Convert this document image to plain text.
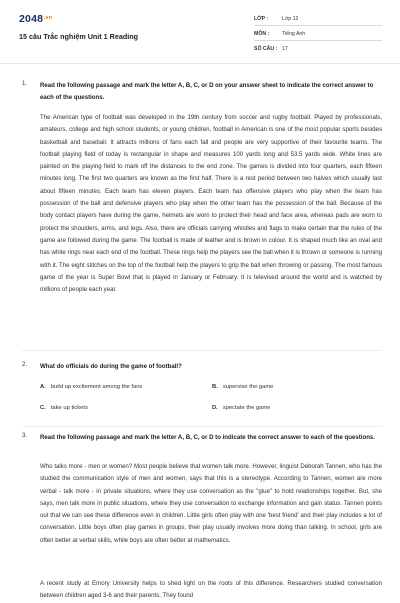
$2048^{.vn}$
15 câu Trắc nghiệm Unit 1 Reading
LỚP :	Lớp 12
MÔN : Tiếng Anh
SỐ CÂU : 17
1. Read the following passage and mark the letter A, B, C, or D on your answer sheet to indicate the correct answer to each of the questions.

The American type of football was developed in the 19th century from soccer and rugby football. Played by professionals, amateurs, college and high school students, or young children, football in American is one of the most popular sports besides basketball and baseball. It attracts millions of fans each fall and people are very supportive of their favourite teams. The football playing field of today is rectangular in shape and measures 100 yards long and 53.5 yards wide. White lines are painted on the playing field to mark off the distances to the end zone. The games is divided into four quarters, each fifteen minutes long. The first two quarters are known as the first half. There is a rest period between two halves which usually last about fifteen minutes. Each team has eleven players. Each team has offensive players who play when the team has possession of the ball and defensive players who play when the other team has the possession of the ball. Because of the body contact players have during the game, helmets are worn to protect their head and face area, whereas pads are worn to protect the shoulders, arms, and legs. Also, there are officials carrying whistles and flags to make certain that the rules of the game are followed during the game. The football is made of leather and is brown in colour. It is shaped much like an oval and has white rings near each end of the football. These rings help the players see the ball when it is thrown or someone is running with it. The eight stitches on the top of the football help the players to grip the ball when throwing or passing. The most famous game of the year is Super Bowl that is played in January or February. It is televised around the world and is watched by millions of people each year.

2. What do officials do during the game of football?
A. build up excitement among the fans	B. supervise the game
C. take up tickets	D. spectate the game
3. Read the following passage and mark the letter A, B, C, or D to indicate the correct answer to each of the questions.

Who talks more - men or women? Most people believe that women talk more. However, linguist Deborah Tannen, who has the studied the communication style of men and women, says that this is a stereotype. According to Tannen, women are more verbal - talk more - in private situations, where they use conversation as the "glue" to hold relationships together. But, she says, men talk more in public situations, where they use conversation to exchange information and gain status. Tannen points out that we can see these difference even in children. Little girls often play with one 'best friend' and their play includes a lot of conversation. Little boys often play games in groups, their play usually involves more doing than talking. In school, girls are often better at verbal skills, while boys are often better at mathematics.

A recent study at Emory University helps to shed light on the roots of this difference. Researchers studied conversation between children aged 3-6 and their parents. They found
